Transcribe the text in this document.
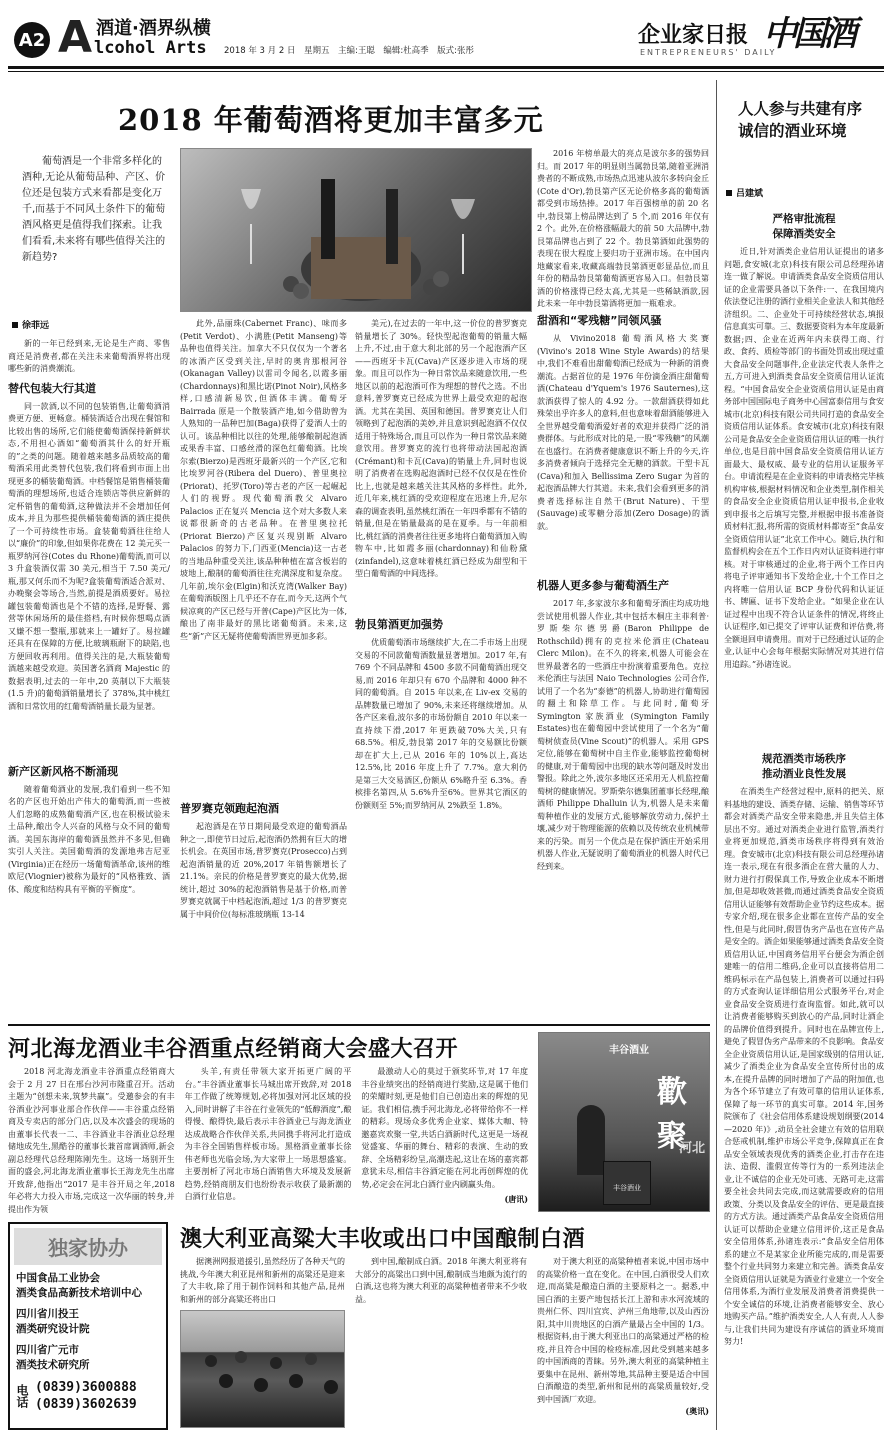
A2 A 酒道·酒界纵横
lcohol Arts 2018 年 3 月 2 日　星期五　主编:王聪　编辑:杜高季　版式:张彤
企业家日报 中国酒
ENTREPRENEURS' DAILY
2018 年葡萄酒将更加丰富多元
葡萄酒是一个非常多样化的酒种,无论从葡萄品种、产区、价位还是包装方式来看都是变化万千,而基于不同风土条件下的葡萄酒风格更是值得我们探索。让我们看看,未来将有哪些值得关注的新趋势?
徐菲远
新的一年已经到来,无论是生产商、零售商还是消费者,都在关注未来葡萄酒界将出现哪些新的消费潮流。
替代包装大行其道
同一款酒,以不同的包装销售,让葡萄酒消费更方便、更畅意。桶装酒适合出现在餐馆和比较出售的场所,它们能使葡萄酒保持新鲜状态,不用担心酒如“葡萄酒其什么的好开瓶的”之类的问题。随着越来越多品质较高的葡萄酒采用此类替代包装,我们将看到市面上出现更多的桶装葡萄酒。中档餐馆是销售桶装葡萄酒的理想场所,也适合连锁店等供应新鲜的定杯销售的葡萄酒,这种做法并不会增加任何成本,并且为那些提供桶装葡萄酒的酒庄提供了一个可持续性市场。盒装葡萄酒往往给人以“廉价”的印象,但如果你花费在 12 美元买一瓶罗纳河谷(Cotes du Rhone)葡萄酒,而可以 3 升盒装酒仅需 30 美元,相当于 7.50 美元/瓶,那又何乐而不为呢?盒装葡萄酒适合派对、办晚聚会等场合,当然,前提是酒质要好。易拉罐包装葡萄酒也是个不错的选择,是野餐、露营等休闲场所的最佳搭档,有时候你想喝点酒又嫌不想一整瓶,那就来上一罐好了。易拉罐还具有在保障的方便,比玻璃瓶耐下的缺陷,也方便回收再利用。值得关注的是,大瓶装葡萄酒越来越受欢迎。英国著名酒商 Majestic 的数据表明,过去的一年中,20 英制以下大瓶装(1.5 升)的葡萄酒销量增长了 378%,其中桃红酒和日常饮用的红葡萄酒销量长最为显著。
新产区新风格不断涌现
随着葡萄酒业的发展,我们看到一些不知名的产区也开始出产伟大的葡萄酒,而一些被人们忽略的成熟葡萄酒产区,也在积极试验未土品种,酿出令人兴奋的风格与众不同的葡萄酒。美国东海岸的葡萄酒虽然并不多见,但确实引人关注。美国葡萄酒的发源地弗吉尼亚(Virginia)正在经历一场葡萄酒革命,该州的维欧尼(Viognier)被称为最好的“风格雅致、酒体、酸度和结构具有平衡的平衡度”。
此外,品丽珠(Cabernet Franc)、味而多(Petit Verdot)、小满胜(Petit Manseng)等品种也值得关注。加拿大不只仅仅为一个著名的冰酒产区受到关注,早时的奥肯那根河谷(Okanagan Valley)以雷司令闻名,以霞多丽(Chardonnays)和黑比诺(Pinot Noir),风格多样,口感清新易饮,但酒体丰满。葡萄牙 Bairrada 原是一个散装酒产地,如今借助曾为人熟知的一品种巴加(Baga)获得了爱酒人士的认可。该品种相比以往的处理,能够酿制起泡酒或果香丰富、口感丝滑的深色红葡萄酒。比埃尔索(Bierzo)是西班牙最新兴的一个产区,它和比埃罗河谷(Ribera del Duero)、普里奥拉(Priorat)、托罗(Toro)等古老的产区一起崛起人们的视野。现代葡萄酒教父 Alvaro Palacios 正在复兴 Mencia 这个对大多数人来说都很新奇的古老品种。在普里奥拉托(Priorat Bierzo)产区复兴现别断 Alvaro Palacios 的努力下,门西亚(Mencia)这一古老的当地品种重受关注,该品种种植在富含板岩的坡地上,酿制的葡萄酒往往充满深度和复杂度。几年前,埃尔金(Elgin)和沃克湾(Walker Bay)在葡萄酒版图上几乎还不存在,而今天,这两个气候凉爽的产区已经与开普(Cape)产区比为一体,酿出了南非最好的黑比诺葡萄酒。未来,这些“新”产区无疑将使葡萄酒世界更加多彩。
普罗赛克领跑起泡酒
起泡酒是在节日期间最受欢迎的葡萄酒品种之一,即使节日过后,起泡酒仍然拥有巨大的增长机会。在英国市场,普罗赛克(Prosecco)占到起泡酒销量的近 20%,2017 年销售额增长了 21.1%。亲民的价格是普罗赛克的最大优势,据统计,超过 30%的起泡酒销售是基于价格,而普罗赛克就属于中档起泡酒,超过 1/3 的普罗赛克属于中间价位(每标准玻璃瓶 13-14
美元),在过去的一年中,这一价位的普罗赛克销量增长了 30%。轻快型起泡葡萄的销量大幅上升,不过,由于意大利北部的另一个起泡酒产区——西班牙卡瓦(Cava)产区逐步进入市场的现象。而且可以作为一种日常饮品来随意饮用,一些地区以前的起泡酒可作为理想的替代之选。不出意料,普罗赛克已经成为世界上最受欢迎的起泡酒。尤其在美国、英国和德国。普罗赛克让人们领略到了起泡酒的美妙,并且意识到起泡酒不仅仅适用于特殊场合,而且可以作为一种日常饮品来随意饮用。普罗赛克的流行也将带动法国起泡酒(Crémant)和卡瓦(Cava)的销量上升,同时也说明了消费者在选购起泡酒时已经不仅仅是在性价比上,也就是越来越关注其风格的多样性。此外,近几年来,桃红酒的受欢迎程度在迅速上升,尼尔森的调查表明,虽然桃红酒在一年四季都有不错的销量,但是在销量最高的是在夏季。与一年前相比,桃红酒的消费者往往更多地将白葡萄酒加入购物车中,比如霞多丽(chardonnay)和仙粉黛(zinfandel),这意味着桃红酒已经成为甜型和干型白葡萄酒的中间选择。
勃艮第酒更加强势
优质葡萄酒市场继续扩大,在二手市场上出现交易的不同款葡萄酒数量显著增加。2017 年,有 769 个不同品牌和 4500 多款不同葡萄酒出现交易,而 2016 年却只有 670 个品牌和 4000 种不同的葡萄酒。自 2015 年以来,在 Liv-ex 交易的品牌数量已增加了 90%,未来还将继续增加。从各产区来看,波尔多的市场份额自 2010 年以来一直持续下滑,2017 年更跌破70%大关,只有 68.5%。相反,勃艮第 2017 年的交易额比份额却在扩大上,已从 2016 年的 10%以上,高达 12.5%,比 2016 年度上升了 7.7%。意大利仍是第三大交易酒区,份额从 6%略升至 6.3%。香槟排名第四,从 5.6%升至6%。世界其它酒区的份额则至 5%;而罗纳河从 2%跌至 1.8%。
2016 年榜单最大的亮点是波尔多的强势回归。而 2017 年的明显则当属勃艮第,随着亚洲消费者的不断成熟,市场热点迅速从波尔多转向金丘(Cote d'Or),勃艮第产区无论价格多高的葡萄酒都受到市场热捧。2017 年百强榜单的前 20 名中,勃艮第上榜品牌达到了 5 个,而 2016 年仅有 2 个。此外,在价格涨幅最大的前 50 大品牌中,勃艮第品牌也占到了 22 个。勃艮第酒如此强势的表现在很大程度上要归功于亚洲市场。在中国内地藏家看来,收藏高端勃艮第酒更彰显品位,而且年份的精品勃艮第葡萄酒更容易入口。但勃艮第酒的价格涨得已经太高,尤其是一些稀缺酒款,因此未来一年中勃艮第酒将更加一瓶难求。
甜酒和“零残糖”同领风骚
从 Vivino2018 葡萄酒风格大奖赛(Vivino's 2018 Wine Style Awards)的结果中,我们不难看出甜葡萄酒已经成为一种新的消费潮流。占据首位的是 1976 年份滴金酒庄甜葡萄酒(Chateau d'Yquem's 1976 Sauternes),这款酒获得了惊人的 4.92 分。一款甜酒获得如此殊荣出乎许多人的意料,但也意味着甜酒能够进入全世界越受葡萄酒爱好者的欢迎并获得广泛的消费群体。与此形成对比的是,一股“零残糖”的风潮在也盛行。在消费者健康意识不断上升的今天,许多消费者倾向于选择完全无糖的酒款。干型卡瓦(Cava)和加入 Bellissima Zero Sugar 为首的起泡酒品牌大行其道。未来,我们会看到更多的消费者选择标注自然干(Brut Nature)、干型(Sauvage)或零糖分添加(Zero Dosage)的酒款。
机器人更多参与葡萄酒生产
2017 年,多家波尔多和葡萄牙酒庄均成功地尝试使用机器人作业,其中包括木桐庄主菲利普·罗斯柴尔德男爵(Baron Philippe de Rothschild)拥有的克拉米伦酒庄(Chateau Clerc Milon)。在不久的将来,机器人可能会在世界最著名的一些酒庄中扮演着重要角色。克拉米伦酒庄与法国 Naio Technologies 公司合作,试用了一个名为“泰德”的机器人,协助进行葡萄园的翻土和除草工作。与此同时,葡萄牙 Symington 家族酒业 (Symington Family Estates)也在葡萄园中尝试使用了一个名为“葡萄树侦查员(Vine Scout)”的机器人。采用 GPS 定位,能够在葡萄树中自主作业,能够监控葡萄树的健康,对于葡萄园中出现的缺水等问题及时发出警报。除此之外,波尔多地区还采用无人机监控葡萄树的健康情况。罗斯柴尔德集团董事长经理,酿酒师 Philippe Dhalluin 认为,机器人是未来葡萄种植作业的发展方式,能够解放劳动力,保护土壤,减少对于物理能源的依赖以及传统农业机械带来的污染。而另一个优点是在保护酒庄开始采用机器人作业,无疑说明了葡萄酒业的机器人时代已经到来。
人人参与共建有序诚信的酒业环境
吕建斌
严格审批流程
保障酒类安全
近日,针对酒类企业信用认证提出的诸多问题,食安城(北京)科技有限公司总经理孙诸连一做了解说。申请酒类食品安全资质信用认证的企业需要具备以下条件:一、在我国境内依法登记注册的酒行业相关企业法人和其他经济组织。二、企业处于可持续经营状态,填报信息真实可靠。三、数据要资料为本年度最新数据;四、企业在近两年内未获得工商、行政、食药、质检等部门的书面处罚或出现过重大食品安全问题事件,企业法定代表人条件之五,方可进入到酒类食品安全资质信用认证流程。“中国食品安全企业资质信用认证是由商务部中国国际电子商务中心国富泰信用与食安城市(北京)科技有限公司共同打造的食品安全资质信用认证体系。食安城市(北京)科技有限公司是食品安全企业资质信用认证的唯一执行单位,也是目前中国食品安全资质信用认证方面最大、最权威、最专业的信用认证服务平台。申请流程是在企业资料的申请表格完毕核机构审核,根据材料情况和企业类型,制作相关的食品安全企业资质信用认证申报书,企业收到申报书之后填写完整,并根据申报书准备资质材料汇报,将所需的资质材料都寄至“食品安全资质信用认证”北京工作中心。随后,执行和监督机构会在五个工作日内对认证资料进行审核。对于审核通过的企业,将于两个工作日内将电子评审通知书下发给企业,十个工作日之内将唯一信用认证 BCP 身份代码和认证证书、牌匾、证书下发给企业。“如果企业在认证过程中出现不符合认证条件的情况,将终止认证程序,如已提交了评审认证费和评估费,将全额退回申请费用。而对于已经通过认证的企业,认证中心会每年根据实际情况对其进行信用追踪。”孙诸连说。
规范酒类市场秩序
推动酒业良性发展
在酒类生产经营过程中,原料的把关、原料基地的建设、酒类存储、运输、销售等环节都会对酒类产品安全带来隐患,并且失信主体层出不穷。通过对酒类企业进行监管,酒类行业将更加规范,酒类市场秩序将得到有效治理。食安城市(北京)科技有限公司总经理孙诸连一表示,现在有很多酒企在营大量的人力、财力进行打假保真工作,导致企业成本不断增加,但是却收效甚微,而通过酒类食品安全资质信用认证能够有效帮助企业节约这些成本。据专家介绍,现在很多企业都在宣传产品的安全性,但是与此同时,假冒伪劣产品也在宣传产品是安全的。酒企如果能够通过酒类食品安全资质信用认证,中国商务信用平台便会为酒企创建唯一的信用二维码,企业可以直接将信用二维码标示在产品包装上,消费者可以通过扫码的方式查询认证详细信用公式服务平台,对企业食品安全资质进行查询监督。如此,就可以让消费者能够购买到放心的产品,同时让酒企的品牌价值得到提升。同时也在品牌宣传上,避免了假冒伪劣产品带来的不良影响。食品安全企业资质信用认证,是国家级别的信用认证,减少了酒类企业为食品安全宣传所付出的成本,在提升品牌的同时增加了产品的附加值,也为各个环节建立了有效可靠的信用认证体系,保障了每一环节的真实可靠。2014 年,国务院颁布了《社会信用体系建设规划纲要(2014—2020 年)》,动员全社会建立有效的信用联合惩戒机制,维护市场公平竞争,保障真正在食品安全领域表现优秀的酒类企业,打击存在违法、造假、滥假宣传等行为的一系列违法企业,让不诚信的企业无处可逃、无路可走,这需要全社会共同去完成,而这就需要政府的信用政策、分类以及食品安全的评估、更是最直接的方式方法。通过酒类产品食品安全资质信用认证可以帮助企业建立信用评价,这正是食品安全信用体系,孙诸连表示:“食品安全信用体系的建立不是某家企业所能完成的,而是需要整个行业共同努力来建立和完善。酒类食品安全资质信用认证就是为酒业行业建立一个安全信用体系,为酒行业发展及消费者消费提供一个安全诚信的环境,让消费者能够安全、放心地购买产品。”维护酒类安全,人人有责,人人参与,让我们共同为建设有序诚信的酒业环境而努力!
河北海龙酒业丰谷酒重点经销商大会盛大召开
2018 河北海龙酒业丰谷酒重点经销商大会于 2 月 27 日在邢台沙河市隆重召开。活动主题为“创想未来,筑梦共赢”。受邀参会的有丰谷酒业沙河事业部合作伙伴——丰谷重点经销商及专卖店的部分门店,以及本次盛会的现场的由董事长代表一二、丰谷酒业丰谷酒业总经理储地成先生,黑酷谷的董事长兼首席调酒师,新会副总经理代总经理陈刚先生。这场一场别开生面的盛会,河北海龙酒业董事长王海龙先生出席开致辞,他指出“2017 是丰谷开局之年,2018 年必将大力投入市场,完成这一次华丽的转身,并提出作为领
头羊,有责任带领大家开拓更广阔的平台。”丰谷酒业董事长马城出席开致辞,对 2018 年工作做了统筹规划,必将加强对河北区域的投入,同时讲解了丰谷在行业领先的“低醇酒度”,酿得慢、酿得快,最后表示丰谷酒业已与海龙酒业达成战略合作伙伴关系,共同携手将河北打造成为丰谷全国销售样板市场。黑格酒业董事长徐伟老师也光临会场,为大家带上一场思想盛宴。主要剖析了河北市场白酒销售大环境及发展新趋势,经销商朋友们也纷纷表示收获了最新潮的白酒行业信息。
最激动人心的莫过于颁奖环节,对 17 年度丰谷业绩突出的经销商进行奖励,这是属于他们的荣耀时刻,更是他们自已创造出来的辉煌的见证。我们相信,携手河北海龙,必将带给你不一样的精彩。现场众多优秀企业家、媒体大咖、特邀嘉宾欢聚一堂,共话白酒新时代,这更是一场视觉盛宴、华丽的舞台、精彩的表演、生动的致辞、全场精彩纷呈,高潮迭起,这让在场的嘉宾都意犹未尽,相信丰谷酒定能在河北再创辉煌的优势,必定会在河北白酒行业内刷赢头角。
(唐讯)
丰谷酒业
歡聚
河北
丰谷酒业
独家协办
中国食品工业协会
酒类食品高新技术培训中心
四川省川投王
酒类研究设计院
四川省广元市
酒类技术研究所
电话 (0839)3600888
(0839)3602639
澳大利亚高粱大丰收或出口中国酿制白酒
据澳洲网报道援引,虽然经历了各种天气的挑战,今年澳大利亚昆州和新州的高粱还是迎来了大丰收,除了用于制作饲料和其他产品,昆州和新州的部分高粱还将出口
到中国,酿制成白酒。2018 年澳大利亚将有大部分的高粱出口到中国,酿制成当地颇为流行的白酒,这也将为澳大利亚的高粱种植者带来不少收益。
对于澳大利亚的高粱种植者来说,中国市场中的高粱价格一直在变化。在中国,白酒很受人们欢迎,而高粱是酿造白酒的主要原料之一。据悉,中国白酒的主要产地包括长江上游和赤水河流域的贵州仁怀、四川宜宾、泸州三角地带,以及山西汾阳,其中川贵地区的白酒产量最占全中国的 1/3。根据资料,由于澳大利亚出口的高粱通过严格的检疫,并且符合中国的检疫标准,因此受到越来越多的中国酒商的青睐。另外,澳大利亚的高粱种植主要集中在昆州、新州等地,其品种主要是适合中国白酒酿造的类型,新州和昆州的高粱质量较好,受到中国酒厂欢迎。
(奥讯)
